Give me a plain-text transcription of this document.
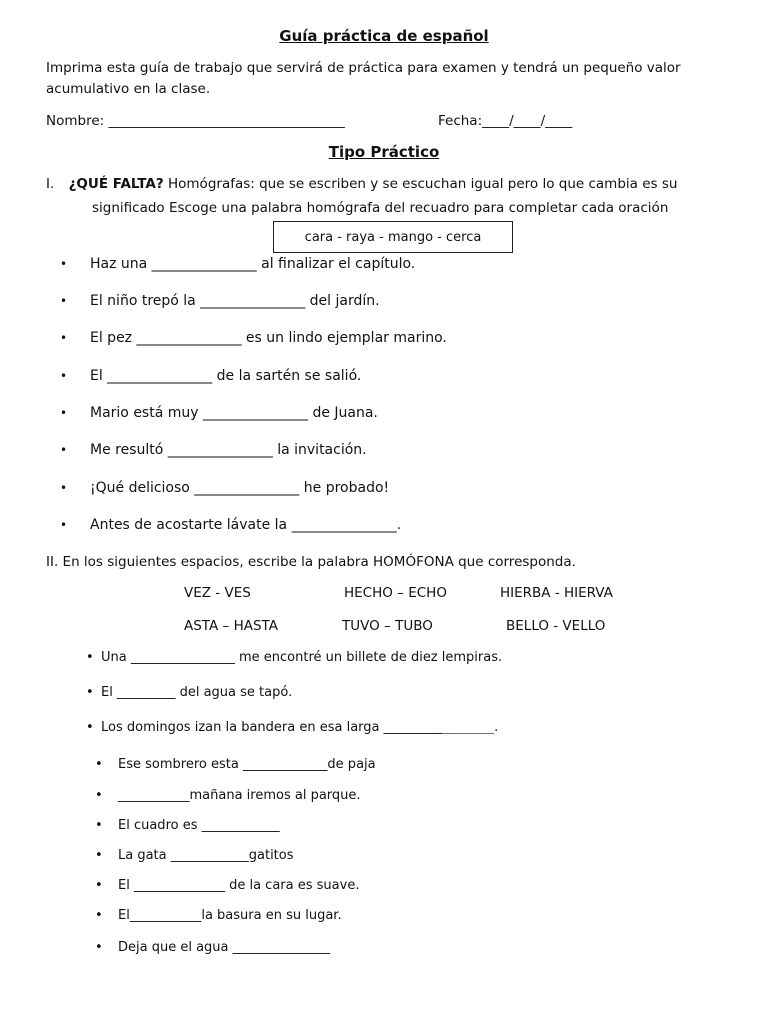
Guía práctica de español
Imprima esta guía de trabajo que servirá de práctica para examen y tendrá un pequeño valor
acumulativo en la clase.
Nombre: ___________________________________	Fecha:____/____/____
Tipo Práctico
I. ¿QUÉ FALTA? Homógrafas: que se escriben y se escuchan igual pero lo que cambia es su
significado Escoge una palabra homógrafa del recuadro para completar cada oración
cara - raya - mango - cerca
• Haz una _______________ al finalizar el capítulo.
• El niño trepó la _______________ del jardín.
• El pez _______________ es un lindo ejemplar marino.
• El _______________ de la sartén se salió.
• Mario está muy _______________ de Juana.
• Me resultó _______________ la invitación.
• ¡Qué delicioso _______________ he probado!
• Antes de acostarte lávate la _______________.
II. En los siguientes espacios, escribe la palabra HOMÓFONA que corresponda.
VEZ - VES	HECHO – ECHO	HIERBA - HIERVA
ASTA – HASTA	TUVO – TUBO	BELLO - VELLO
• Una ________________ me encontré un billete de diez lempiras.
• El _________ del agua se tapó.
• Los domingos izan la bandera en esa larga _________________.
• Ese sombrero esta _____________de paja
• ___________mañana iremos al parque.
• El cuadro es ____________
• La gata ____________gatitos
• El ______________ de la cara es suave.
• El___________la basura en su lugar.
• Deja que el agua _______________
